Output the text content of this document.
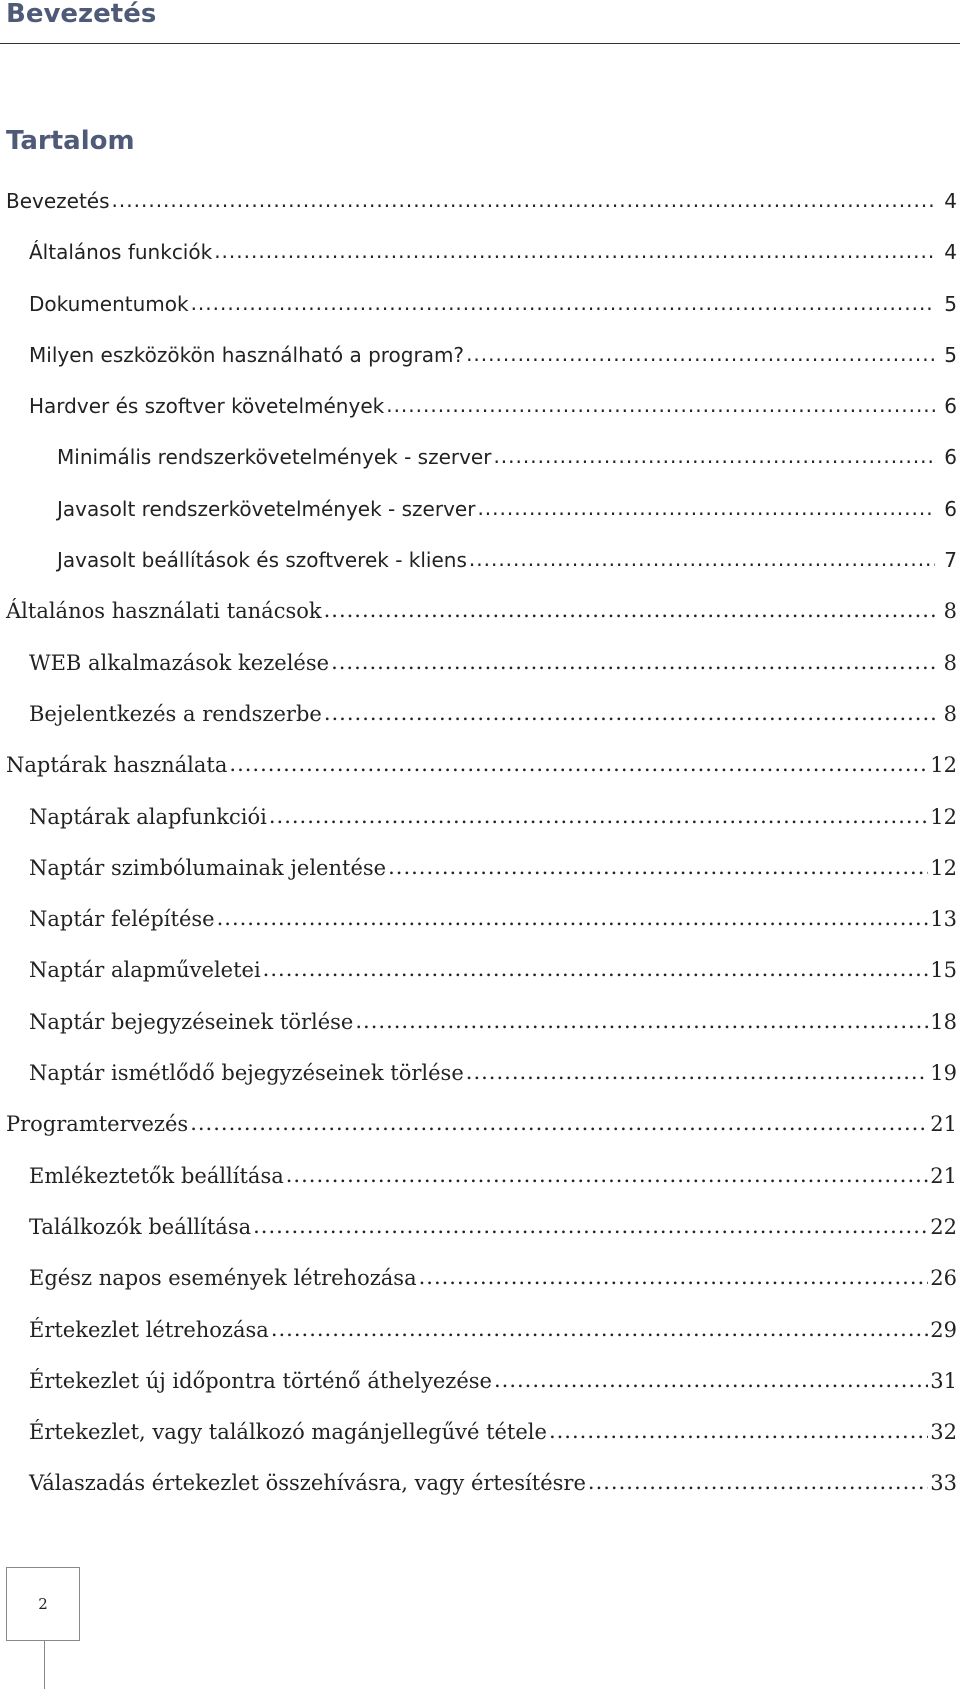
Bevezetés
Tartalom
Bevezetés .....	4
Általános funkciók .....	4
Dokumentumok .....	5
Milyen eszközökön használható a program? .....	5
Hardver és szoftver követelmények .....	6
Minimális rendszerkövetelmények - szerver .....	6
Javasolt rendszerkövetelmények - szerver .....	6
Javasolt beállítások és szoftverek - kliens .....	7
Általános használati tanácsok .....	8
WEB alkalmazások kezelése .....	8
Bejelentkezés a rendszerbe .....	8
Naptárak használata .....	12
Naptárak alapfunkciói .....	12
Naptár szimbólumainak jelentése .....	12
Naptár felépítése .....	13
Naptár alapműveletei .....	15
Naptár bejegyzéseinek törlése .....	18
Naptár ismétlődő bejegyzéseinek törlése .....	19
Programtervezés .....	21
Emlékeztetők beállítása .....	21
Találkozók beállítása .....	22
Egész napos események létrehozása .....	26
Értekezlet létrehozása .....	29
Értekezlet új időpontra történő áthelyezése .....	31
Értekezlet, vagy találkozó magánjellegűvé tétele .....	32
Válaszadás értekezlet összehívásra, vagy értesítésre .....	33
2
